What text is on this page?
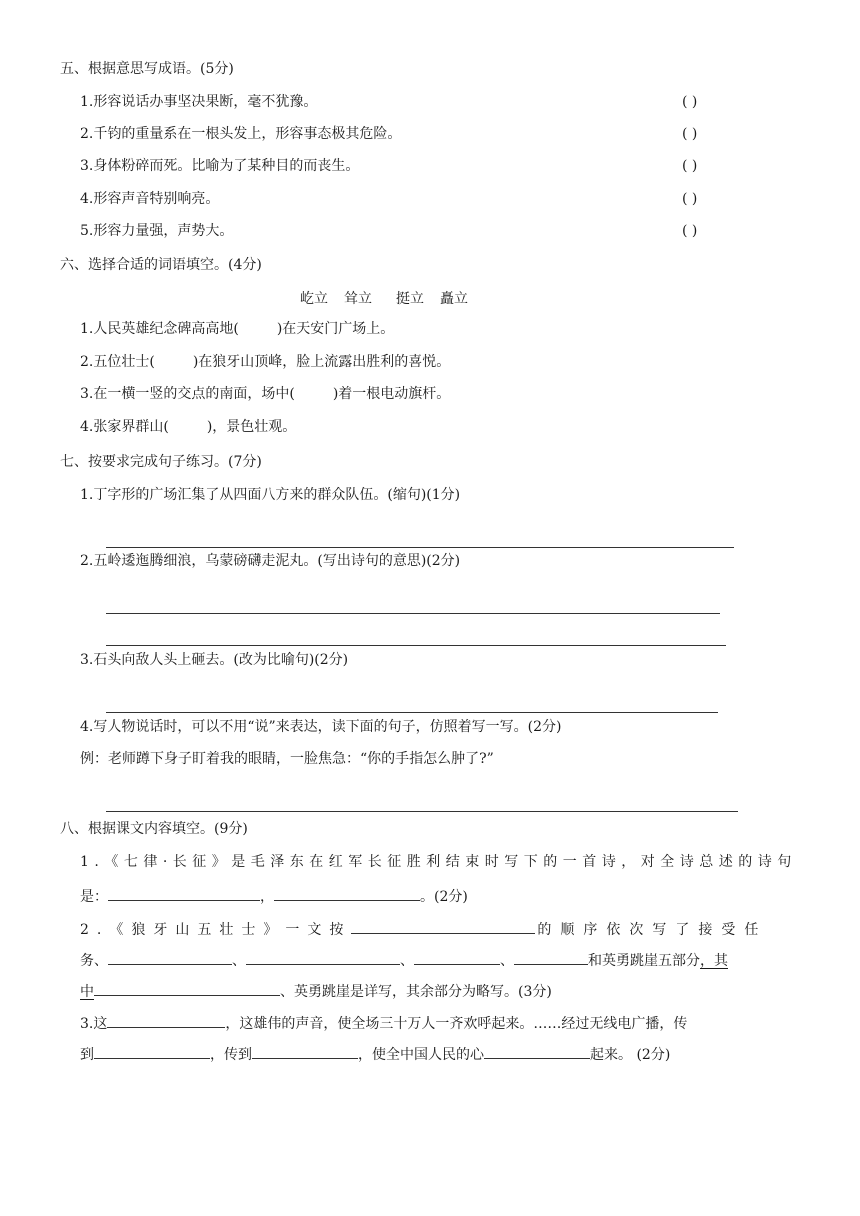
五、根据意思写成语。(5分)
1.形容说话办事坚决果断，毫不犹豫。	( )
2.千钧的重量系在一根头发上，形容事态极其危险。	( )
3.身体粉碎而死。比喻为了某种目的而丧生。	( )
4.形容声音特别响亮。	( )
5.形容力量强，声势大。	( )
六、选择合适的词语填空。(4分)
屹立 耸立 挺立 矗立
1.人民英雄纪念碑高高地(	)在天安门广场上。
2.五位壮士(	)在狼牙山顶峰，脸上流露出胜利的喜悦。
3.在一横一竖的交点的南面，场中(	)着一根电动旗杆。
4.张家界群山(	)，景色壮观。
七、按要求完成句子练习。(7分)
1.丁字形的广场汇集了从四面八方来的群众队伍。(缩句)(1分)
2.五岭逶迤腾细浪，乌蒙磅礴走泥丸。(写出诗句的意思)(2分)
3.石头向敌人头上砸去。(改为比喻句)(2分)
4.写人物说话时，可以不用“说”来表达，读下面的句子，仿照着写一写。(2分)
例：老师蹲下身子盯着我的眼睛，一脸焦急：“你的手指怎么肿了?”
八、根据课文内容填空。(9分)
1.《七律·长征》是毛泽东在红军长征胜利结束时写下的一首诗，对全诗总述的诗句
是：	，	。(2分)
2.《狼牙山五壮士》一文按	的顺序依次写了接受任
务、	、	、	、	和英勇跳崖五部分，其
中	、英勇跳崖是详写，其余部分为略写。(3分)
3.这	，这雄伟的声音，使全场三十万人一齐欢呼起来。……经过无线电广播，传
到	，传到	，使全中国人民的心	起来。 (2分)
